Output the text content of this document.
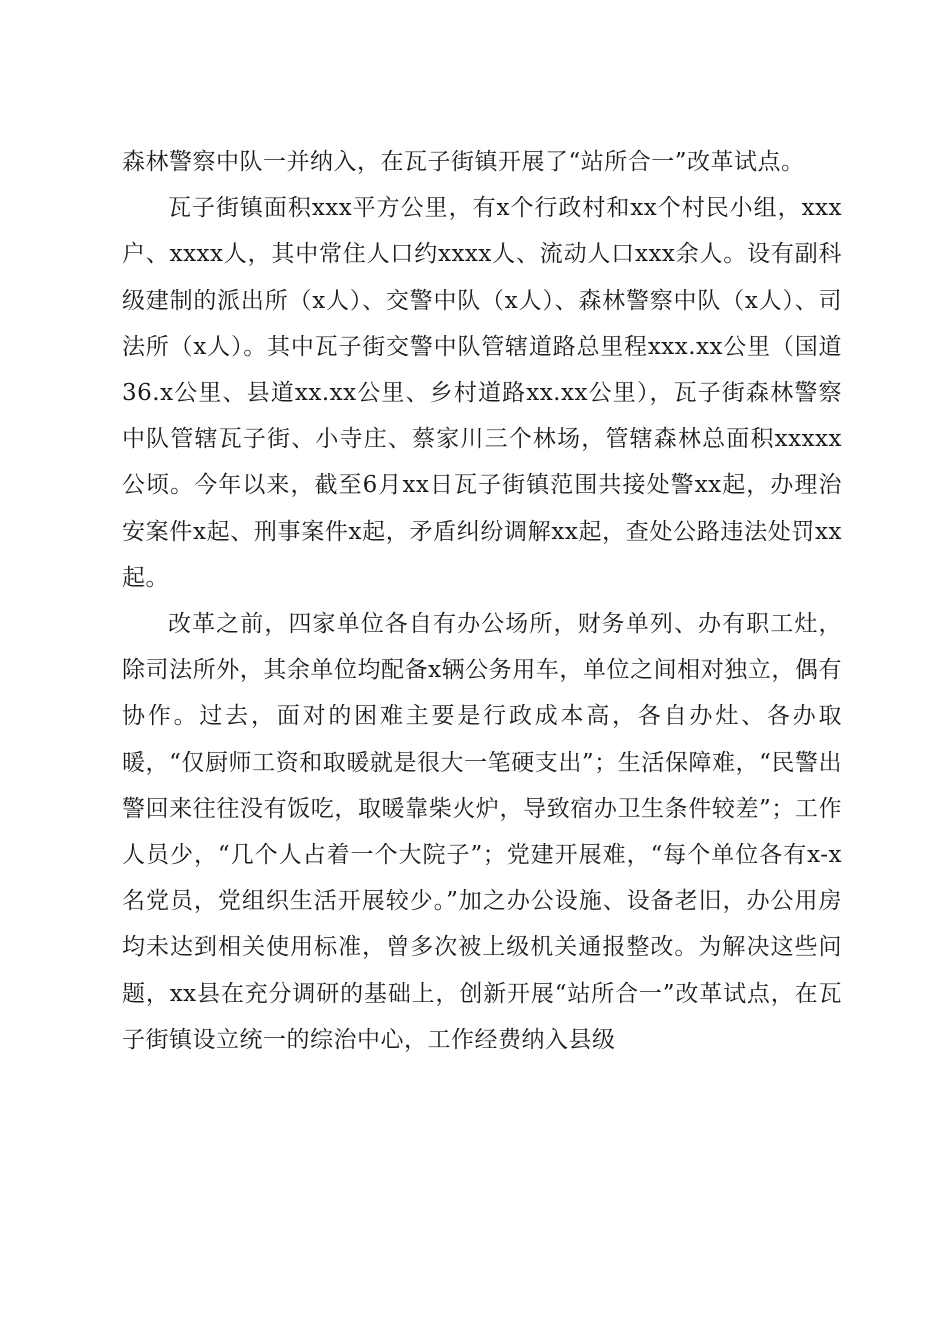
森林警察中队一并纳入，在瓦子街镇开展了“站所合一”改革试点。

瓦子街镇面积xxx平方公里，有x个行政村和xx个村民小组，xxx户、xxxx人，其中常住人口约xxxx人、流动人口xxx余人。设有副科级建制的派出所（x人）、交警中队（x人）、森林警察中队（x人）、司法所（x人）。其中瓦子街交警中队管辖道路总里程xxx.xx公里（国道36.x公里、县道xx.xx公里、乡村道路xx.xx公里），瓦子街森林警察中队管辖瓦子街、小寺庄、蔡家川三个林场，管辖森林总面积xxxxx公顷。今年以来，截至6月xx日瓦子街镇范围共接处警xx起，办理治安案件x起、刑事案件x起，矛盾纠纷调解xx起，查处公路违法处罚xx起。

改革之前，四家单位各自有办公场所，财务单列、办有职工灶，除司法所外，其余单位均配备x辆公务用车，单位之间相对独立，偶有协作。过去，面对的困难主要是行政成本高，各自办灶、各办取暖，“仅厨师工资和取暖就是很大一笔硬支出”；生活保障难，“民警出警回来往往没有饭吃，取暖靠柴火炉，导致宿办卫生条件较差”；工作人员少，“几个人占着一个大院子”；党建开展难，“每个单位各有x-x名党员，党组织生活开展较少。”加之办公设施、设备老旧，办公用房均未达到相关使用标准，曾多次被上级机关通报整改。为解决这些问题，xx县在充分调研的基础上，创新开展“站所合一”改革试点，在瓦子街镇设立统一的综治中心，工作经费纳入县级
